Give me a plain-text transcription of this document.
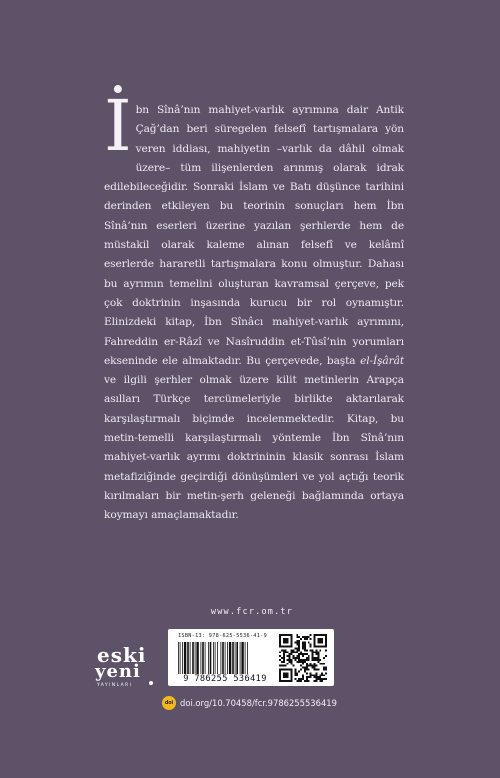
İbn Sînâ’nın mahiyet-varlık ayrımına dair Antik Çağ’dan beri süregelen felsefî tartışmalara yön veren iddiası, mahiyetin –varlık da dâhil olmak üzere– tüm ilişenlerden arınmış olarak idrak edilebileceğidir. Sonraki İslam ve Batı düşünce tarihini derinden etkileyen bu teorinin sonuçları hem İbn Sînâ’nın eserleri üzerine yazılan şerhlerde hem de müstakil olarak kaleme alınan felsefî ve kelâmî eserlerde hararetli tartışmalara konu olmuştur. Dahası bu ayrımın temelini oluşturan kavramsal çerçeve, pek çok doktrinin inşasında kurucu bir rol oynamıştır. Elinizdeki kitap, İbn Sînâcı mahiyet-varlık ayrımını, Fahreddin er-Râzî ve Nasîruddin et-Tûsî’nin yorumları ekseninde ele almaktadır. Bu çerçevede, başta el-İşârât ve ilgili şerhler olmak üzere kilit metinlerin Arapça asılları Türkçe tercümeleriyle birlikte aktarılarak karşılaştırmalı biçimde incelenmektedir. Kitap, bu metin-temelli karşılaştırmalı yöntemle İbn Sînâ’nın mahiyet-varlık ayrımı doktrininin klasik sonrası İslam metafiziğinde geçirdiği dönüşümleri ve yol açtığı teorik kırılmaları bir metin-şerh geleneği bağlamında ortaya koymayı amaçlamaktadır.
www.fcr.om.tr
eski
yeni
YAYINLARI
ISBN-13: 978-625-5536-41-9
9 786255 536419
doi doi.org/10.70458/fcr.9786255536419
